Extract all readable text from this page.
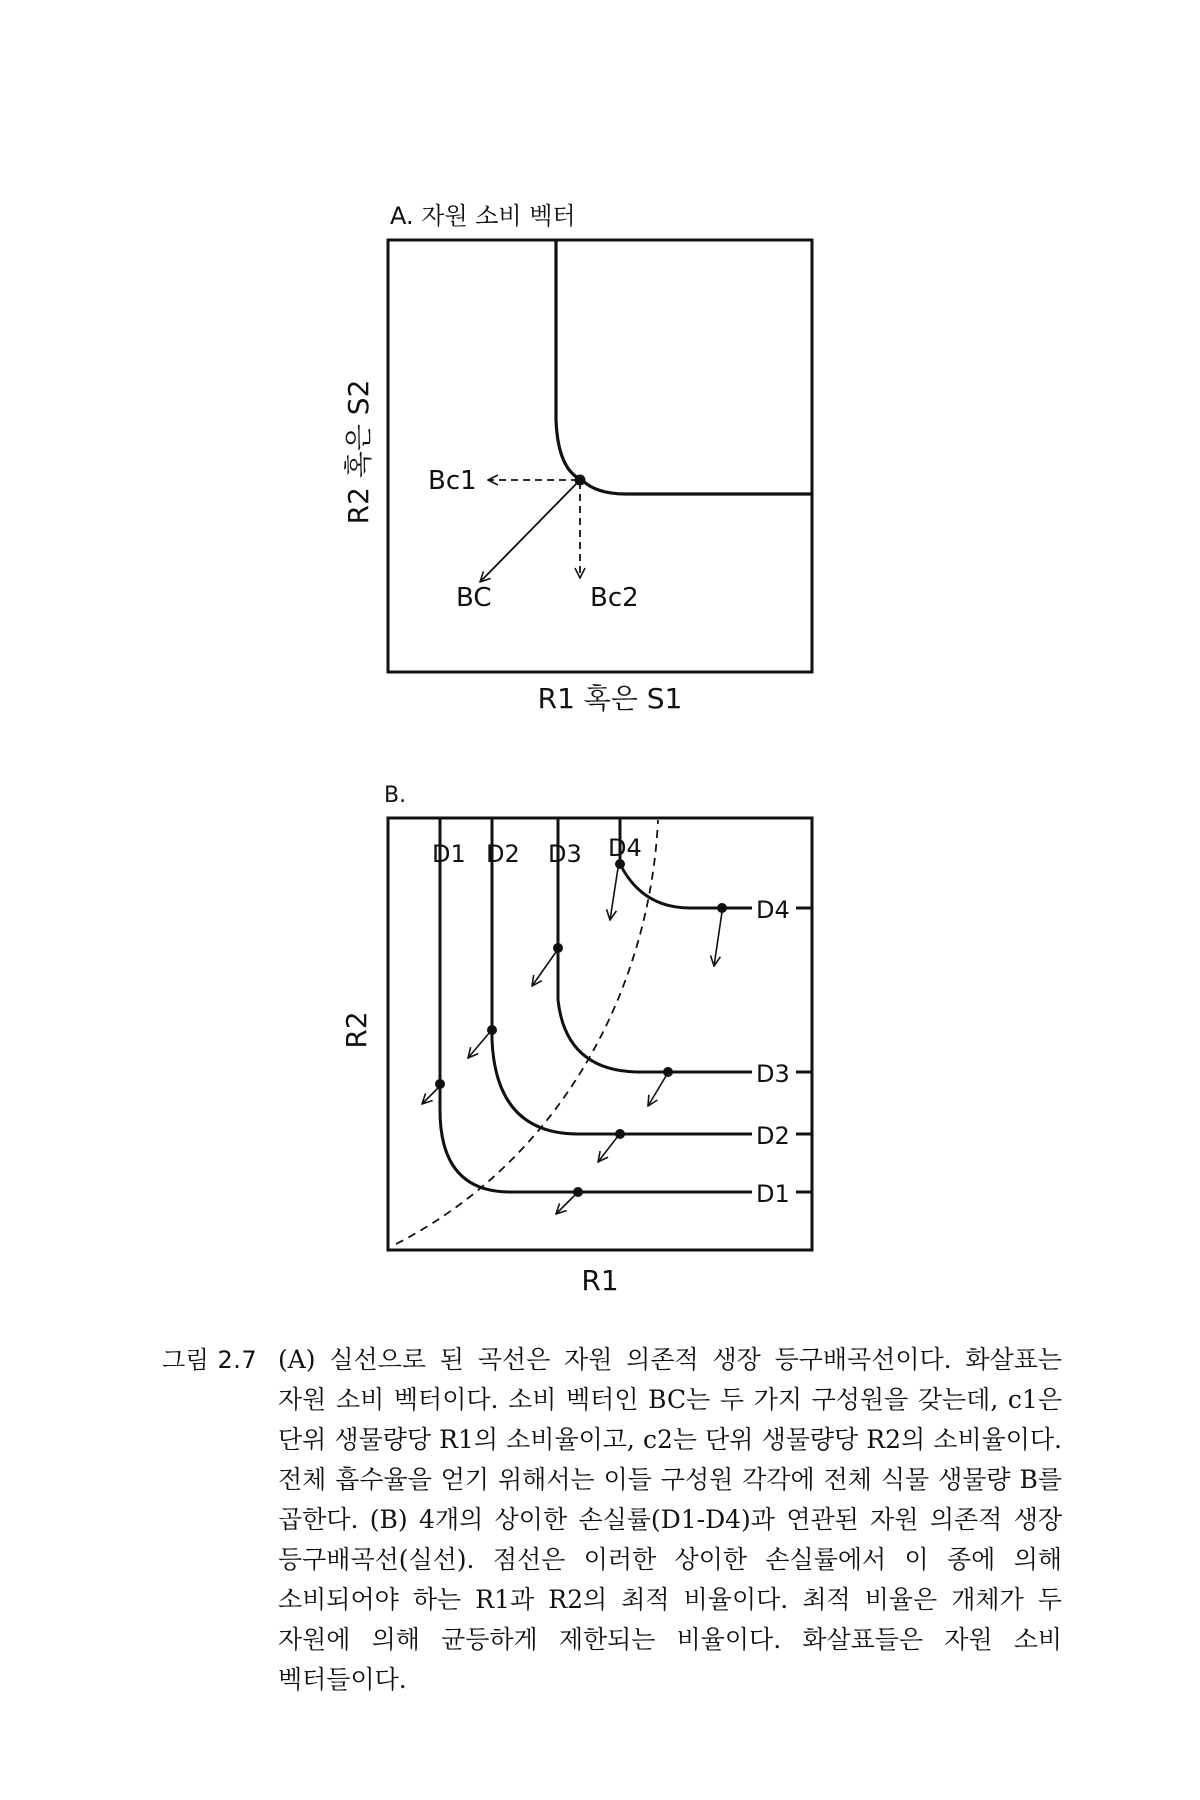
A. 자원 소비 벡터
Bc1
BC	Bc2
R2 혹은 S2
R1 혹은 S1
B.
D1 D2 D3 D4
D4
D3
D2
D1
R2
R1
그림 2.7 (A) 실선으로 된 곡선은 자원 의존적 생장 등구배곡선이다. 화살표는 자원 소비 벡터이다. 소비 벡터인 BC는 두 가지 구성원을 갖는데, c1은 단위 생물량당 R1의 소비율이고, c2는 단위 생물량당 R2의 소비율이다. 전체 흡수율을 얻기 위해서는 이들 구성원 각각에 전체 식물 생물량 B를 곱한다. (B) 4개의 상이한 손실률(D1-D4)과 연관된 자원 의존적 생장 등구배곡선(실선). 점선은 이러한 상이한 손실률에서 이 종에 의해 소비되어야 하는 R1과 R2의 최적 비율이다. 최적 비율은 개체가 두 자원에 의해 균등하게 제한되는 비율이다. 화살표들은 자원 소비 벡터들이다.
